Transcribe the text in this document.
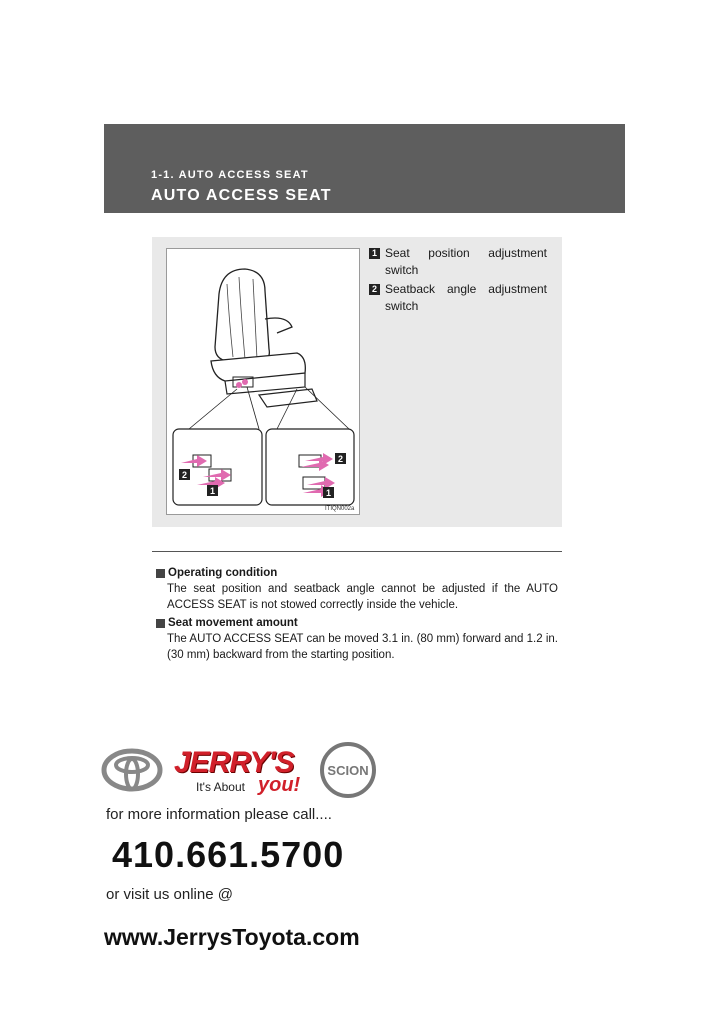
1-1. AUTO ACCESS SEAT
AUTO ACCESS SEAT
2
1
2
1
ITIQN002a
1 Seat position adjustment switch
2 Seatback angle adjustment switch
Operating condition
The seat position and seatback angle cannot be adjusted if the AUTO ACCESS SEAT is not stowed correctly inside the vehicle.
Seat movement amount
The AUTO ACCESS SEAT can be moved 3.1 in. (80 mm) forward and 1.2 in. (30 mm) backward from the starting position.
SCION
JERRY'S
It's About you!
for more information please call....
410.661.5700
or visit us online @
www.JerrysToyota.com
